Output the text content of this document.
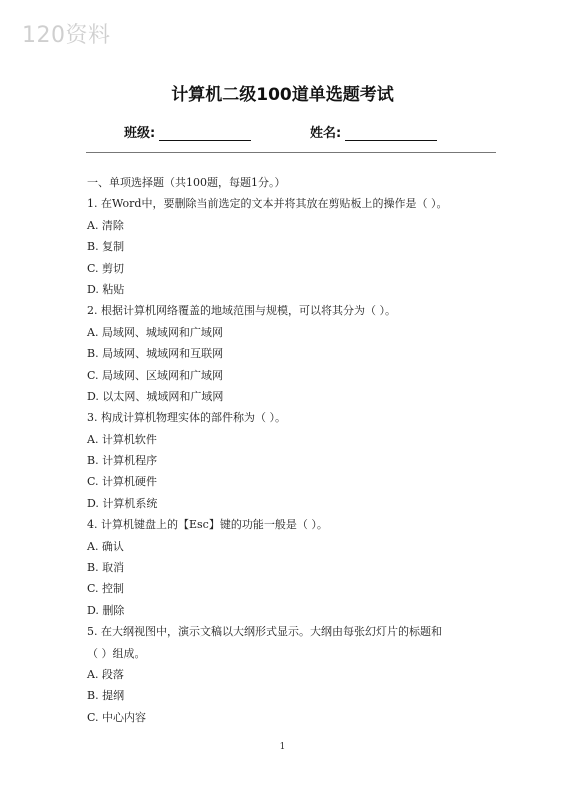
120资料
计算机二级100道单选题考试
班级:	姓名:
一、单项选择题（共100题，每题1分。）
1. 在Word中，要删除当前选定的文本并将其放在剪贴板上的操作是（ ）。
A. 清除
B. 复制
C. 剪切
D. 粘贴
2. 根据计算机网络覆盖的地域范围与规模，可以将其分为（ ）。
A. 局域网、城域网和广域网
B. 局域网、城域网和互联网
C. 局域网、区域网和广域网
D. 以太网、城域网和广域网
3. 构成计算机物理实体的部件称为（ ）。
A. 计算机软件
B. 计算机程序
C. 计算机硬件
D. 计算机系统
4. 计算机键盘上的【Esc】键的功能一般是（ ）。
A. 确认
B. 取消
C. 控制
D. 删除
5. 在大纲视图中，演示文稿以大纲形式显示。大纲由每张幻灯片的标题和
（ ）组成。
A. 段落
B. 提纲
C. 中心内容
1
